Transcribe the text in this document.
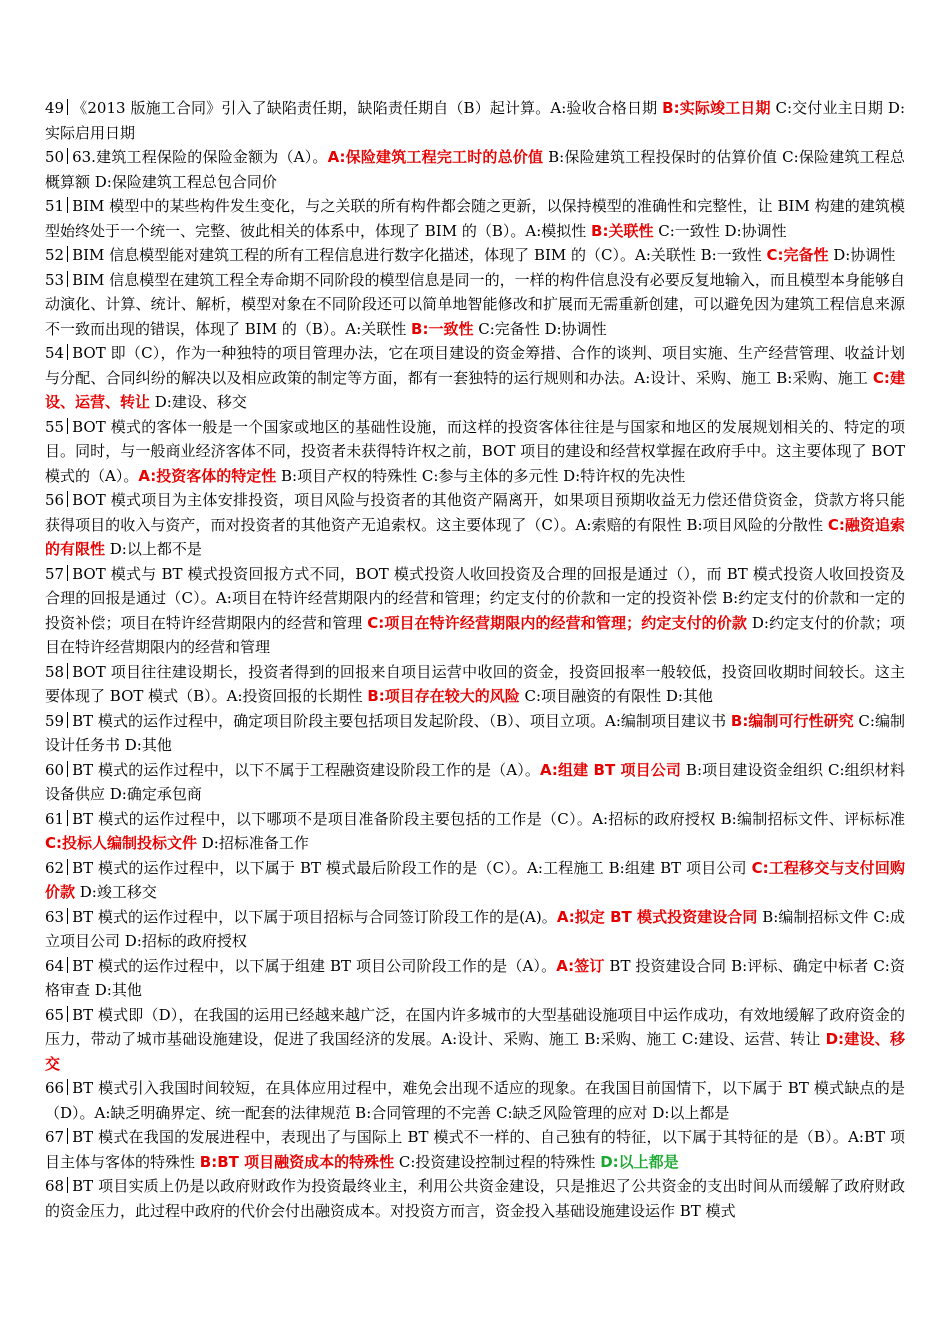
49 《2013 版施工合同》引入了缺陷责任期，缺陷责任期自（B）起计算。A:验收合格日期 B:实际竣工日期 C:交付业主日期 D:实际启用日期

50 63.建筑工程保险的保险金额为（A）。A:保险建筑工程完工时的总价值 B:保险建筑工程投保时的估算价值 C:保险建筑工程总概算额 D:保险建筑工程总包合同价

51 BIM 模型中的某些构件发生变化，与之关联的所有构件都会随之更新，以保持模型的准确性和完整性，让 BIM 构建的建筑模型始终处于一个统一、完整、彼此相关的体系中，体现了 BIM 的（B）。A:模拟性 B:关联性 C:一致性 D:协调性

52 BIM 信息模型能对建筑工程的所有工程信息进行数字化描述，体现了 BIM 的（C）。A:关联性 B:一致性 C:完备性 D:协调性

53 BIM 信息模型在建筑工程全寿命期不同阶段的模型信息是同一的，一样的构件信息没有必要反复地输入，而且模型本身能够自动演化、计算、统计、解析，模型对象在不同阶段还可以简单地智能修改和扩展而无需重新创建，可以避免因为建筑工程信息来源不一致而出现的错误，体现了 BIM 的（B）。A:关联性 B:一致性 C:完备性 D:协调性

54 BOT 即（C），作为一种独特的项目管理办法，它在项目建设的资金筹措、合作的谈判、项目实施、生产经营管理、收益计划与分配、合同纠纷的解决以及相应政策的制定等方面，都有一套独特的运行规则和办法。A:设计、采购、施工 B:采购、施工 C:建设、运营、转让 D:建设、移交

55 BOT 模式的客体一般是一个国家或地区的基础性设施，而这样的投资客体往往是与国家和地区的发展规划相关的、特定的项目。同时，与一般商业经济客体不同，投资者未获得特许权之前，BOT 项目的建设和经营权掌握在政府手中。这主要体现了 BOT 模式的（A）。A:投资客体的特定性 B:项目产权的特殊性 C:参与主体的多元性 D:特许权的先决性

56 BOT 模式项目为主体安排投资，项目风险与投资者的其他资产隔离开，如果项目预期收益无力偿还借贷资金，贷款方将只能获得项目的收入与资产，而对投资者的其他资产无追索权。这主要体现了（C）。A:索赔的有限性 B:项目风险的分散性 C:融资追索的有限性 D:以上都不是

57 BOT 模式与 BT 模式投资回报方式不同，BOT 模式投资人收回投资及合理的回报是通过（），而 BT 模式投资人收回投资及合理的回报是通过（C）。A:项目在特许经营期限内的经营和管理；约定支付的价款和一定的投资补偿 B:约定支付的价款和一定的投资补偿；项目在特许经营期限内的经营和管理 C:项目在特许经营期限内的经营和管理；约定支付的价款 D:约定支付的价款；项目在特许经营期限内的经营和管理

58 BOT 项目往往建设期长，投资者得到的回报来自项目运营中收回的资金，投资回报率一般较低，投资回收期时间较长。这主要体现了 BOT 模式（B）。A:投资回报的长期性 B:项目存在较大的风险 C:项目融资的有限性 D:其他

59 BT 模式的运作过程中，确定项目阶段主要包括项目发起阶段、（B）、项目立项。A:编制项目建议书 B:编制可行性研究 C:编制设计任务书 D:其他

60 BT 模式的运作过程中，以下不属于工程融资建设阶段工作的是（A）。A:组建 BT 项目公司 B:项目建设资金组织 C:组织材料设备供应 D:确定承包商

61 BT 模式的运作过程中，以下哪项不是项目准备阶段主要包括的工作是（C）。A:招标的政府授权 B:编制招标文件、评标标准 C:投标人编制投标文件 D:招标准备工作

62 BT 模式的运作过程中，以下属于 BT 模式最后阶段工作的是（C）。A:工程施工 B:组建 BT 项目公司 C:工程移交与支付回购价款 D:竣工移交

63 BT 模式的运作过程中，以下属于项目招标与合同签订阶段工作的是(A)。A:拟定 BT 模式投资建设合同 B:编制招标文件 C:成立项目公司 D:招标的政府授权

64 BT 模式的运作过程中，以下属于组建 BT 项目公司阶段工作的是（A）。A:签订 BT 投资建设合同 B:评标、确定中标者 C:资格审查 D:其他

65 BT 模式即（D），在我国的运用已经越来越广泛，在国内许多城市的大型基础设施项目中运作成功，有效地缓解了政府资金的压力，带动了城市基础设施建设，促进了我国经济的发展。A:设计、采购、施工 B:采购、施工 C:建设、运营、转让 D:建设、移交

66 BT 模式引入我国时间较短，在具体应用过程中，难免会出现不适应的现象。在我国目前国情下，以下属于 BT 模式缺点的是（D）。A:缺乏明确界定、统一配套的法律规范 B:合同管理的不完善 C:缺乏风险管理的应对 D:以上都是

67 BT 模式在我国的发展进程中，表现出了与国际上 BT 模式不一样的、自己独有的特征，以下属于其特征的是（B）。A:BT 项目主体与客体的特殊性 B:BT 项目融资成本的特殊性 C:投资建设控制过程的特殊性 D:以上都是

68 BT 项目实质上仍是以政府财政作为投资最终业主，利用公共资金建设，只是推迟了公共资金的支出时间从而缓解了政府财政的资金压力，此过程中政府的代价会付出融资成本。对投资方而言，资金投入基础设施建设运作 BT 模式
